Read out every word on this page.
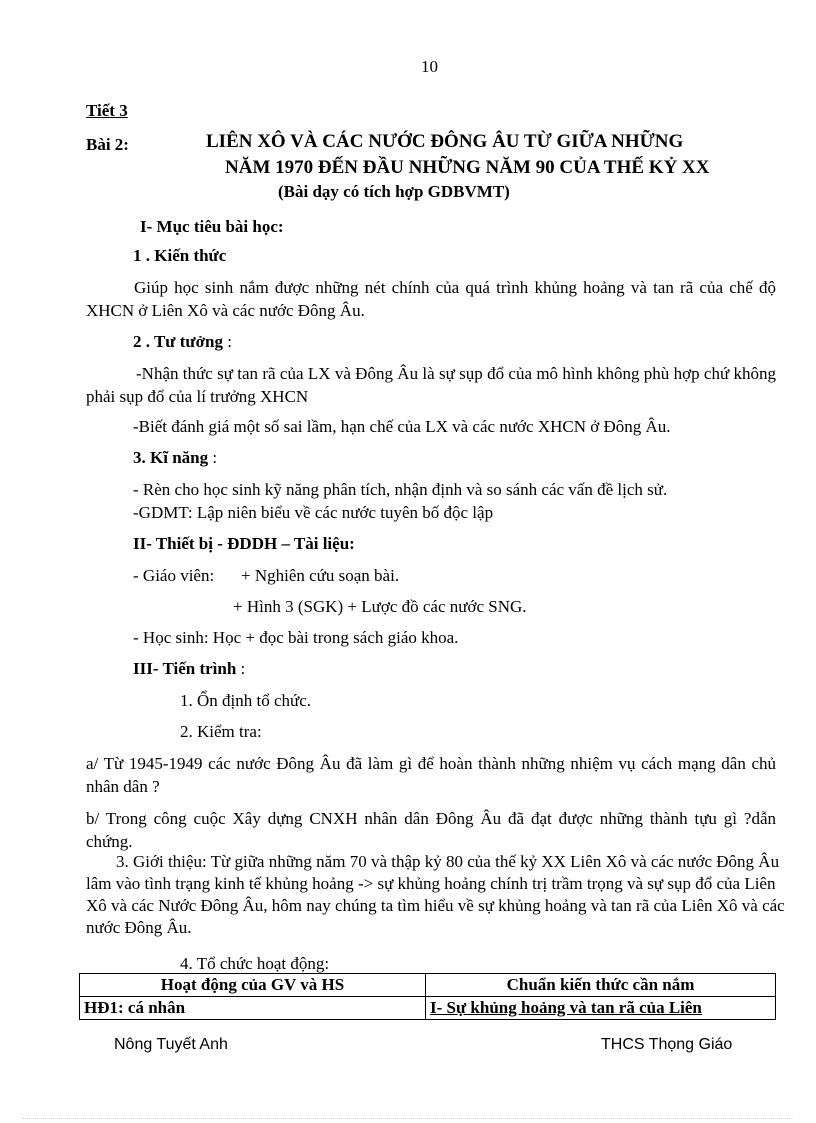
10
Tiết 3
Bài 2:	LIÊN XÔ VÀ CÁC NƯỚC ĐÔNG ÂU TỪ GIỮA NHỮNG
NĂM 1970 ĐẾN ĐẦU NHỮNG NĂM 90 CỦA THẾ KỶ XX
(Bài dạy có tích hợp GDBVMT)
I- Mục tiêu bài học:
1 . Kiến thức
Giúp học sinh nắm được những nét chính của quá trình khủng hoảng và tan rã của chế độ XHCN ở Liên Xô và các nước Đông Âu.
2 . Tư tưởng :
-Nhận thức sự tan rã của LX và Đông Âu là sự sụp đổ của mô hình không phù hợp chứ không phải sụp đổ của lí trưởng XHCN
-Biết đánh giá một số sai lầm, hạn chế của LX và các nước XHCN ở Đông Âu.
3. Kĩ năng :
- Rèn cho học sinh kỹ năng phân tích, nhận định và so sánh các vấn đề lịch sử.
-GDMT: Lập niên biểu về các nước tuyên bố độc lập
II- Thiết bị - ĐDDH – Tài liệu:
- Giáo viên: + Nghiên cứu soạn bài.
+ Hình 3 (SGK) + Lược đồ các nước SNG.
- Học sinh: Học + đọc bài trong sách giáo khoa.
III- Tiến trình :
1. Ổn định tổ chức.
2. Kiểm tra:
a/ Từ 1945-1949 các nước Đông Âu đã làm gì để hoàn thành những nhiệm vụ cách mạng dân chủ nhân dân ?
b/ Trong công cuộc Xây dựng CNXH nhân dân Đông Âu đã đạt được những thành tựu gì ?dẫn chứng.
3. Giới thiệu: Từ giữa những năm 70 và thập kỷ 80 của thế kỷ XX Liên Xô và các nước Đông Âu lâm vào tình trạng kinh tế khủng hoảng -> sự khủng hoảng chính trị trầm trọng và sự sụp đổ của Liên Xô và các Nước Đông Âu, hôm nay chúng ta tìm hiểu về sự khủng hoảng và tan rã của Liên Xô và các nước Đông Âu.
4. Tổ chức hoạt động:
Hoạt động của GV và HS	Chuẩn kiến thức cần nắm
HĐ1: cá nhân	I- Sự khủng hoảng và tan rã của Liên
Nông Tuyết Anh	THCS Thọng Giáo
